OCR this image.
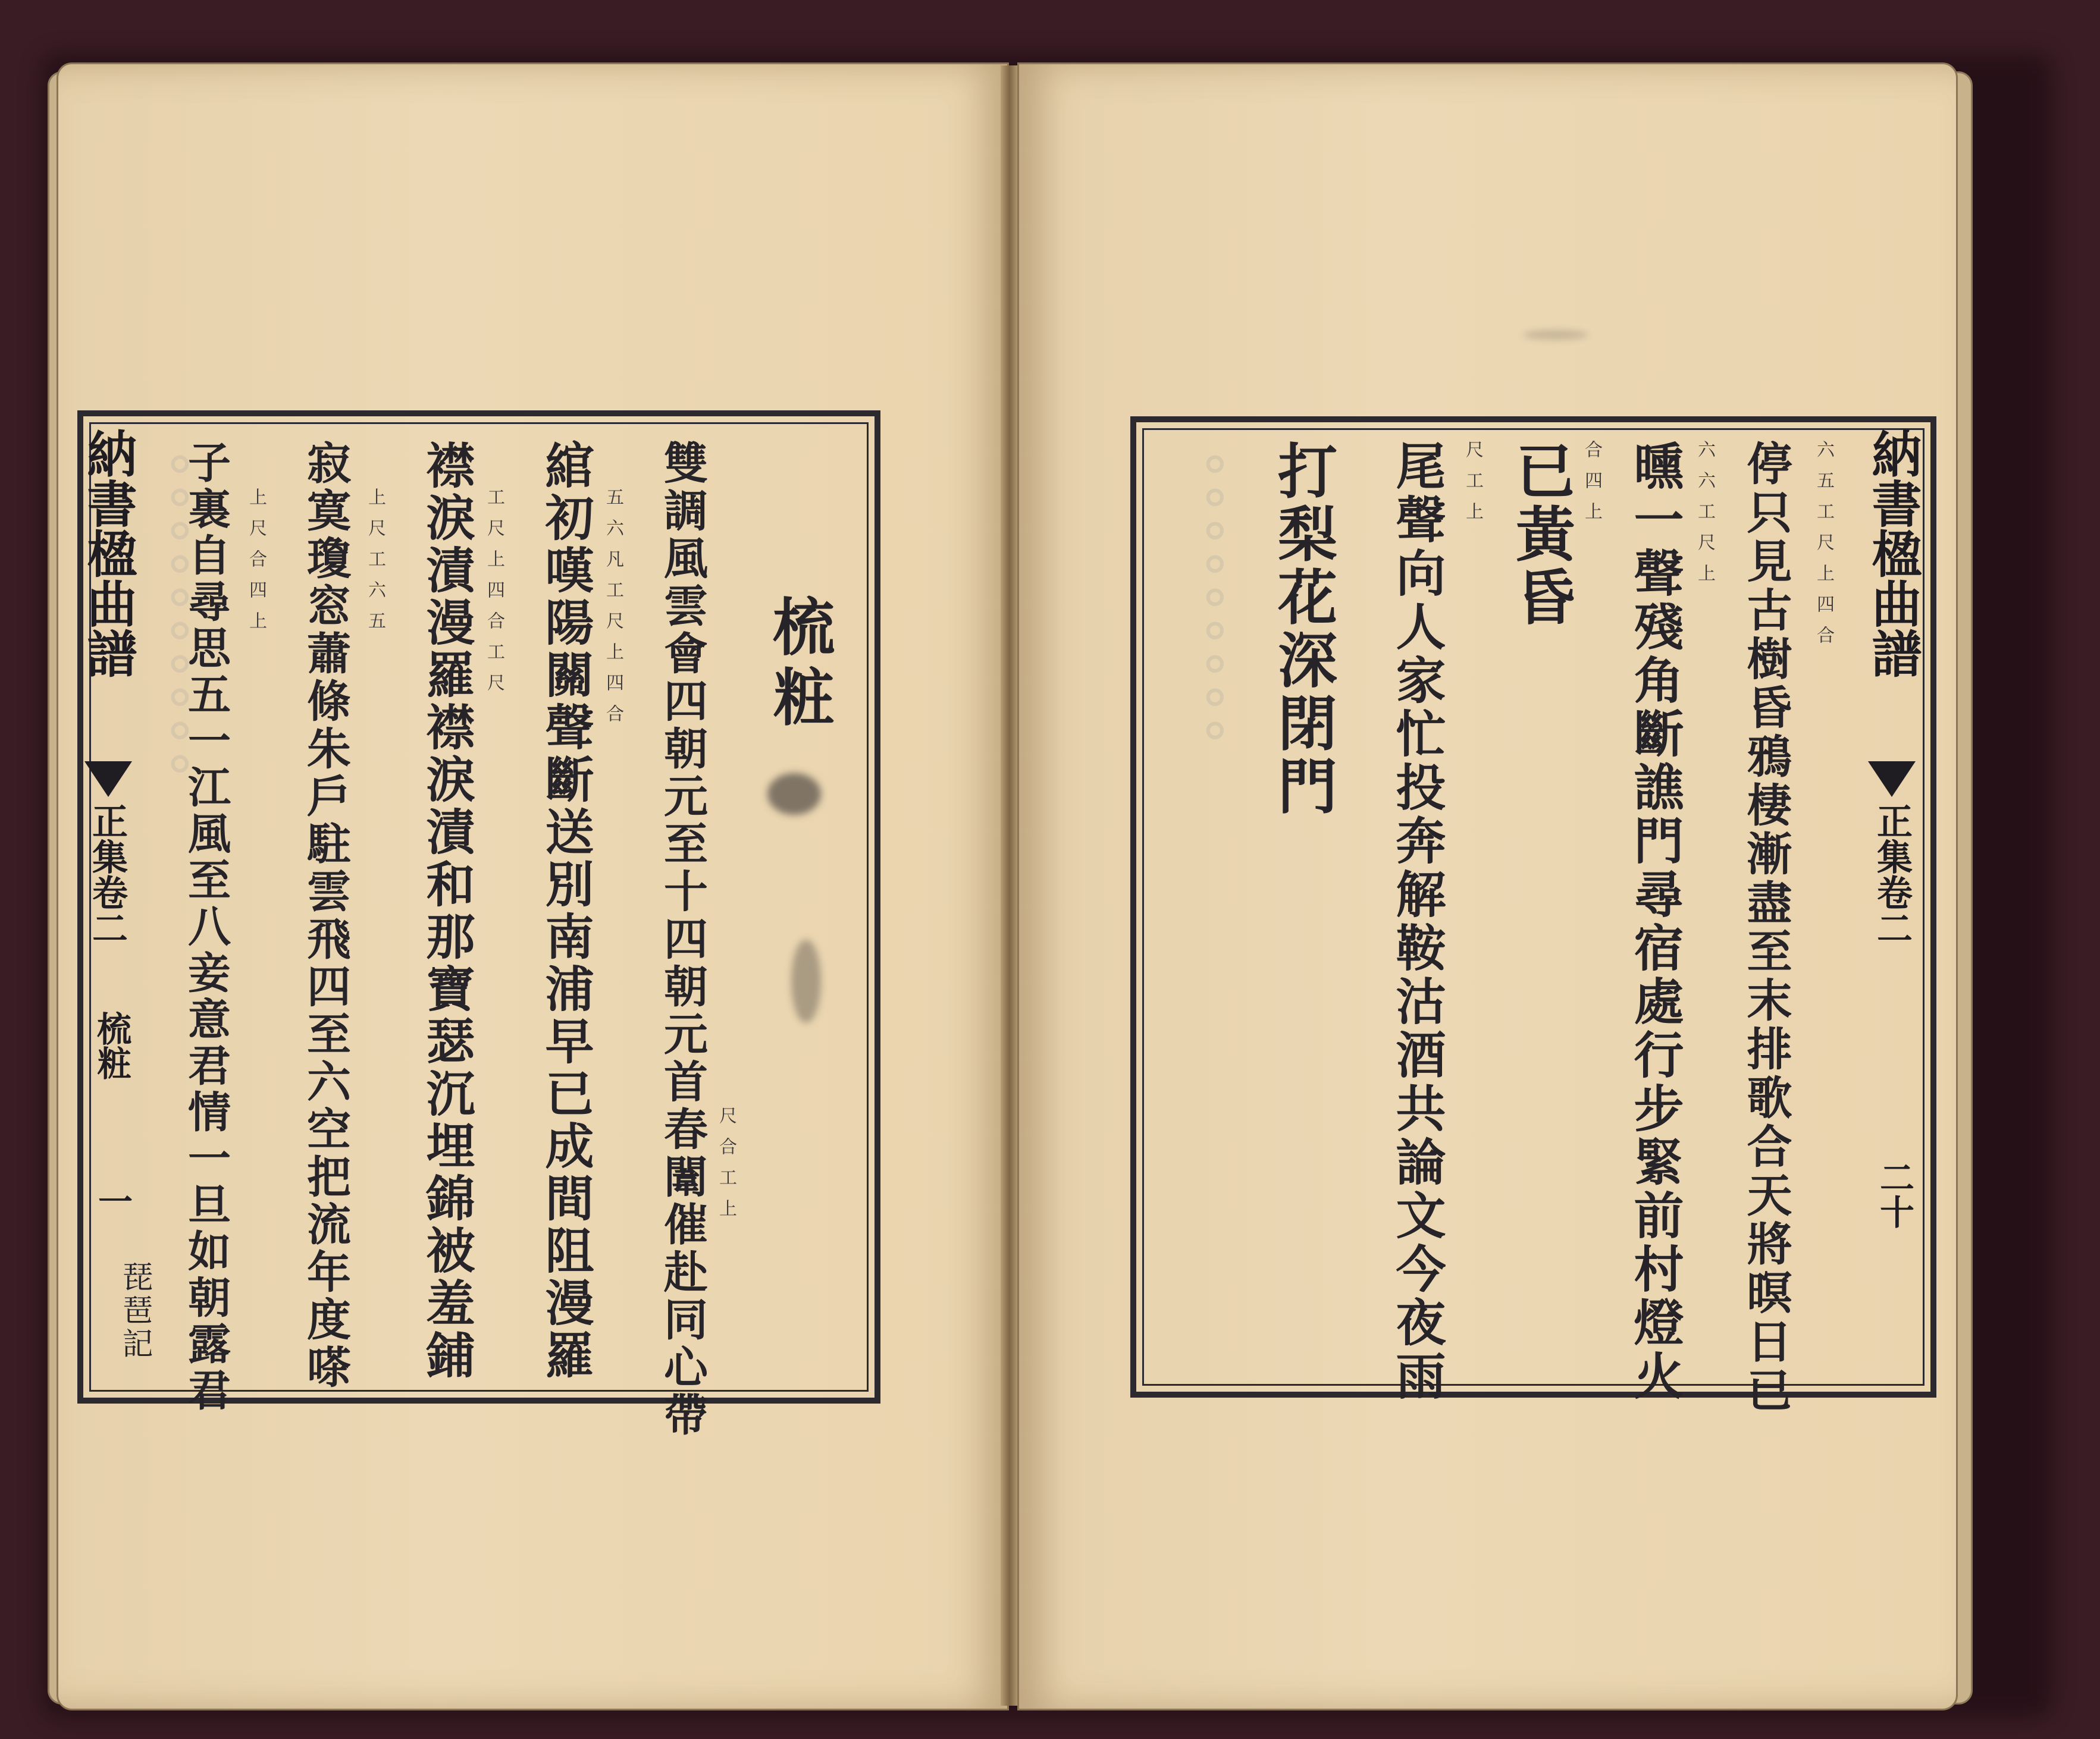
。。。。。。。。。。
納書楹曲譜
正集卷二
梳粧
一
梳粧
雙調風雲會四朝元至十四朝元首春闈催赴同心帶 尺合工上
綰初嘆陽關聲斷送別南浦早已成間阻漫羅 五六凡工尺上四合
襟淚漬漫羅襟淚漬和那寶瑟沉埋錦被羞鋪 工尺上四合工尺
寂寞瓊窓蕭條朱戶駐雲飛四至六空把流年度嗏 上尺工六五
子裏自尋思五一江風至八妾意君情一旦如朝露君 上尺合四上
琵琶記
。。。。。。。。。	納書楹曲譜
正集卷二
二十
停只見古樹昏鴉棲漸盡至末排歌合天將暝日已 六五工尺上四合
曛一聲殘角斷譙門尋宿處行步緊前村燈火 六六工尺上
已黃昏 合四上
尾聲向人家忙投奔解鞍沽酒共論文今夜雨 尺工上
打梨花深閉門
